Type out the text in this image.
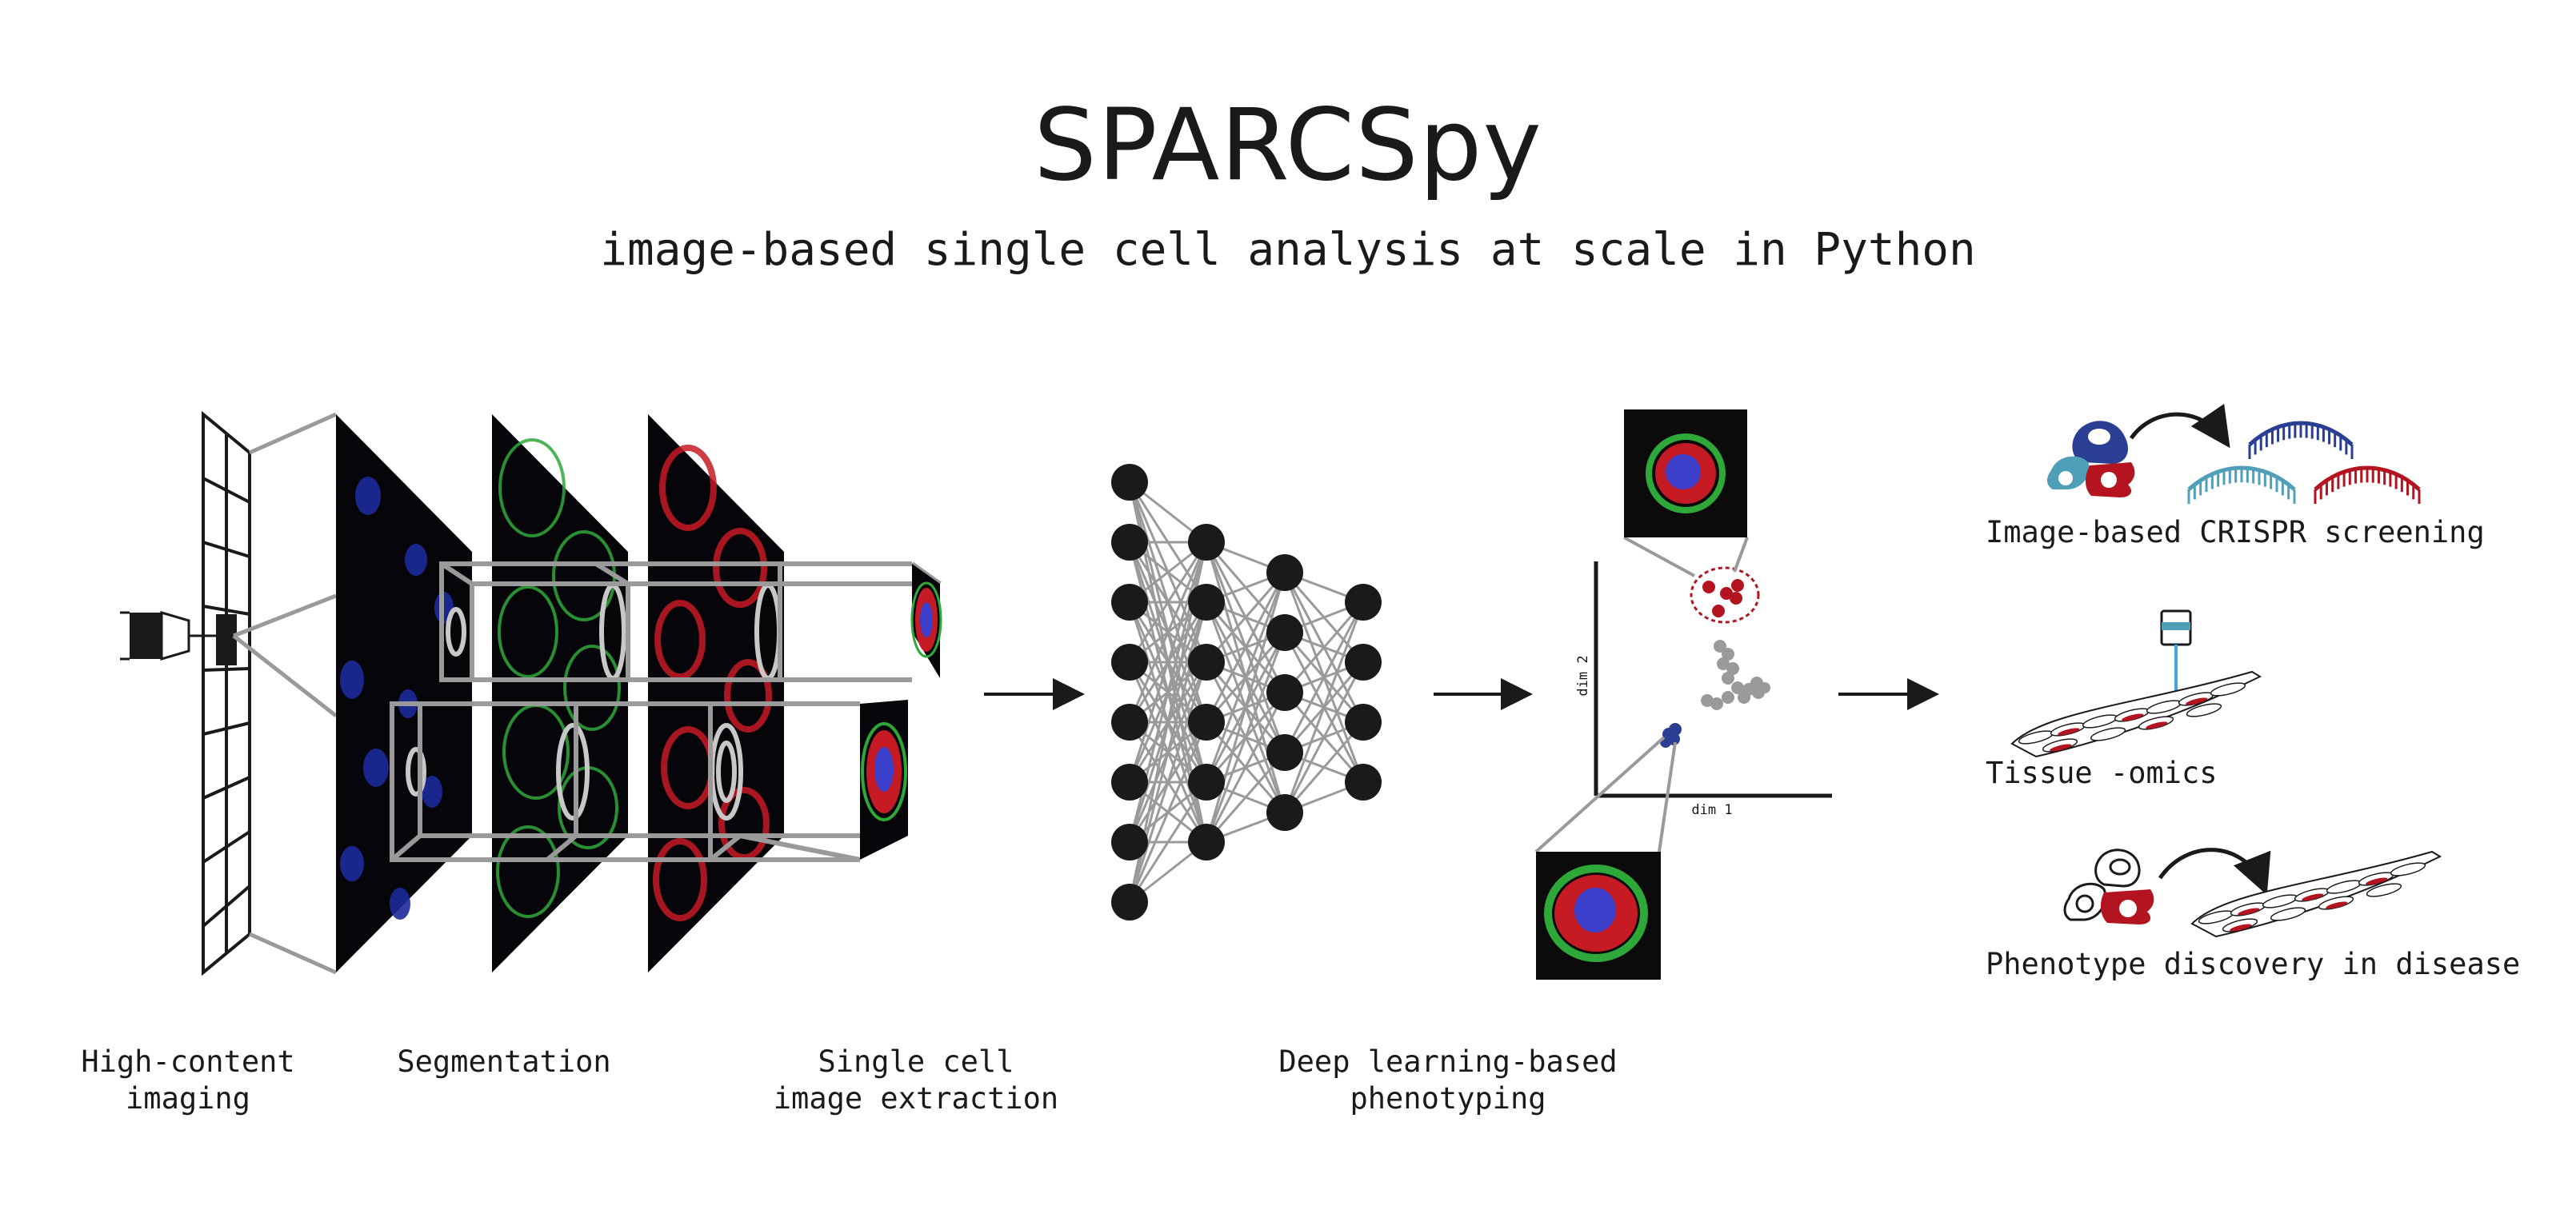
SPARCSpy
image-based single cell analysis at scale in Python
dim 1
dim 2
High-content
imaging
Segmentation	Single cell
image extraction
Deep learning-based
phenotyping
Image-based CRISPR screening
Tissue -omics
Phenotype discovery in disease
